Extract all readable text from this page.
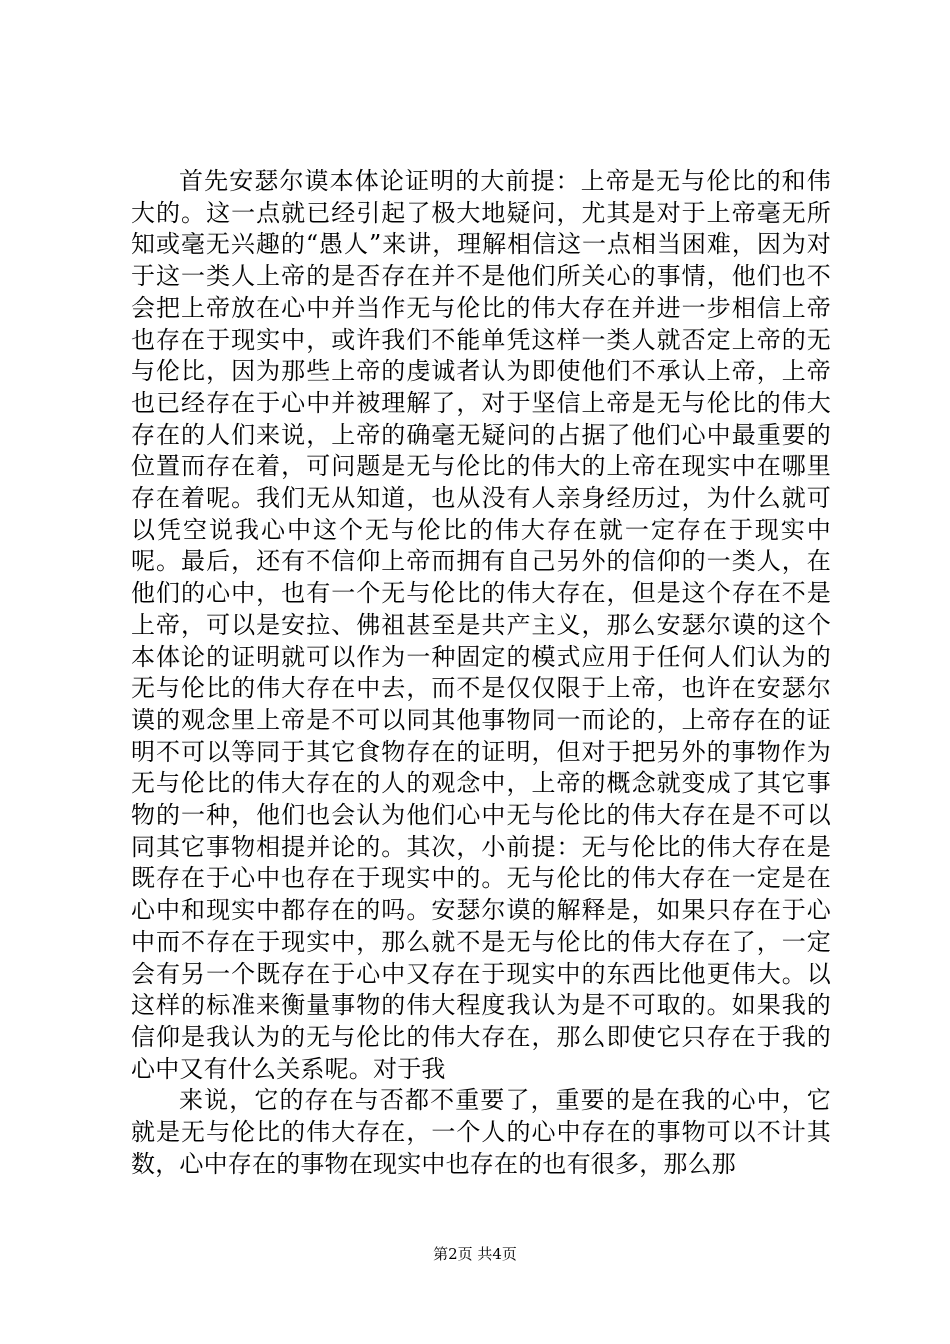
首先安瑟尔谟本体论证明的大前提：上帝是无与伦比的和伟大的。这一点就已经引起了极大地疑问，尤其是对于上帝毫无所知或毫无兴趣的“愚人”来讲，理解相信这一点相当困难，因为对于这一类人上帝的是否存在并不是他们所关心的事情，他们也不会把上帝放在心中并当作无与伦比的伟大存在并进一步相信上帝也存在于现实中，或许我们不能单凭这样一类人就否定上帝的无与伦比，因为那些上帝的虔诚者认为即使他们不承认上帝，上帝也已经存在于心中并被理解了，对于坚信上帝是无与伦比的伟大存在的人们来说，上帝的确毫无疑问的占据了他们心中最重要的位置而存在着，可问题是无与伦比的伟大的上帝在现实中在哪里存在着呢。我们无从知道，也从没有人亲身经历过，为什么就可以凭空说我心中这个无与伦比的伟大存在就一定存在于现实中呢。最后，还有不信仰上帝而拥有自己另外的信仰的一类人，在他们的心中，也有一个无与伦比的伟大存在，但是这个存在不是上帝，可以是安拉、佛祖甚至是共产主义，那么安瑟尔谟的这个本体论的证明就可以作为一种固定的模式应用于任何人们认为的无与伦比的伟大存在中去，而不是仅仅限于上帝，也许在安瑟尔谟的观念里上帝是不可以同其他事物同一而论的，上帝存在的证明不可以等同于其它食物存在的证明，但对于把另外的事物作为无与伦比的伟大存在的人的观念中，上帝的概念就变成了其它事物的一种，他们也会认为他们心中无与伦比的伟大存在是不可以同其它事物相提并论的。其次，小前提：无与伦比的伟大存在是既存在于心中也存在于现实中的。无与伦比的伟大存在一定是在心中和现实中都存在的吗。安瑟尔谟的解释是，如果只存在于心中而不存在于现实中，那么就不是无与伦比的伟大存在了，一定会有另一个既存在于心中又存在于现实中的东西比他更伟大。以这样的标准来衡量事物的伟大程度我认为是不可取的。如果我的信仰是我认为的无与伦比的伟大存在，那么即使它只存在于我的心中又有什么关系呢。对于我

来说，它的存在与否都不重要了，重要的是在我的心中，它就是无与伦比的伟大存在，一个人的心中存在的事物可以不计其数，心中存在的事物在现实中也存在的也有很多，那么那

第2页 共4页
